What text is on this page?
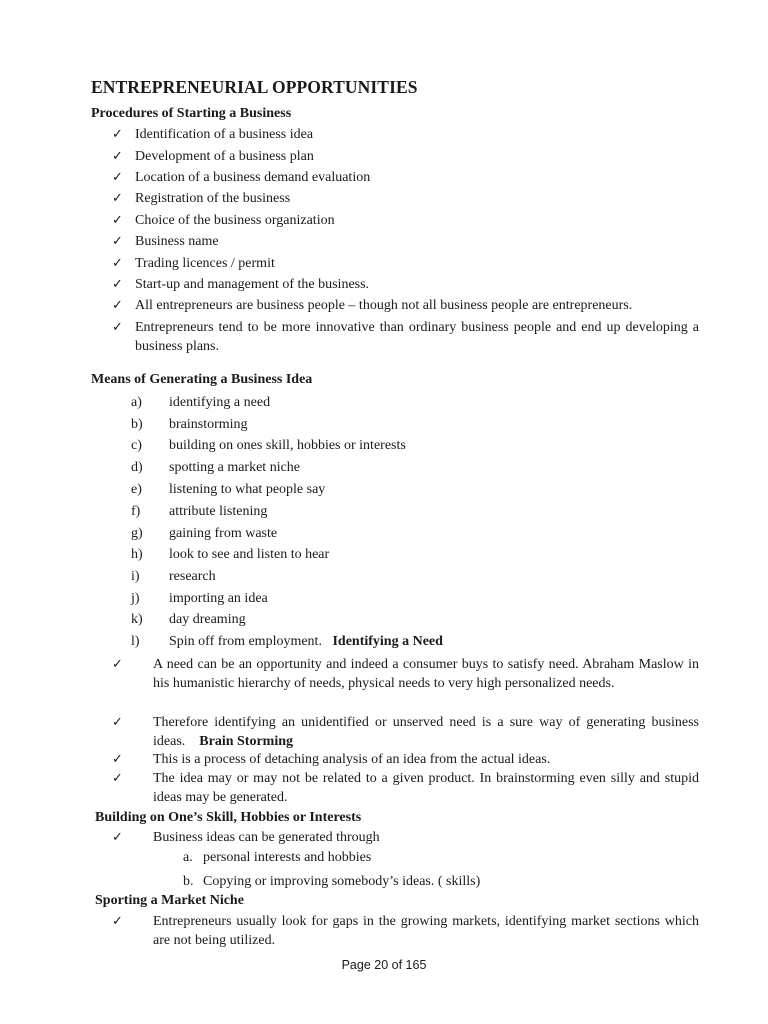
ENTREPRENEURIAL OPPORTUNITIES
Procedures of Starting a Business
✓ Identification of a business idea
✓ Development of a business plan
✓ Location of a business demand evaluation
✓ Registration of the business
✓ Choice of the business organization
✓ Business name
✓ Trading licences / permit
✓ Start-up and management of the business.
✓ All entrepreneurs are business people – though not all business people are entrepreneurs.
✓ Entrepreneurs tend to be more innovative than ordinary business people and end up developing a business plans.
Means of Generating a Business Idea
a) identifying a need
b) brainstorming
c) building on ones skill, hobbies or interests
d) spotting a market niche
e) listening to what people say
f) attribute listening
g) gaining from waste
h) look to see and listen to hear
i) research
j) importing an idea
k) day dreaming
l) Spin off from employment. Identifying a Need
✓ A need can be an opportunity and indeed a consumer buys to satisfy need. Abraham Maslow in his humanistic hierarchy of needs, physical needs to very high personalized needs.
✓ Therefore identifying an unidentified or unserved need is a sure way of generating business ideas. Brain Storming
✓ This is a process of detaching analysis of an idea from the actual ideas.
✓ The idea may or may not be related to a given product. In brainstorming even silly and stupid ideas may be generated.
Building on One’s Skill, Hobbies or Interests
✓ Business ideas can be generated through
a. personal interests and hobbies
b. Copying or improving somebody’s ideas. ( skills)
Sporting a Market Niche
✓ Entrepreneurs usually look for gaps in the growing markets, identifying market sections which are not being utilized.
Page 20 of 165
